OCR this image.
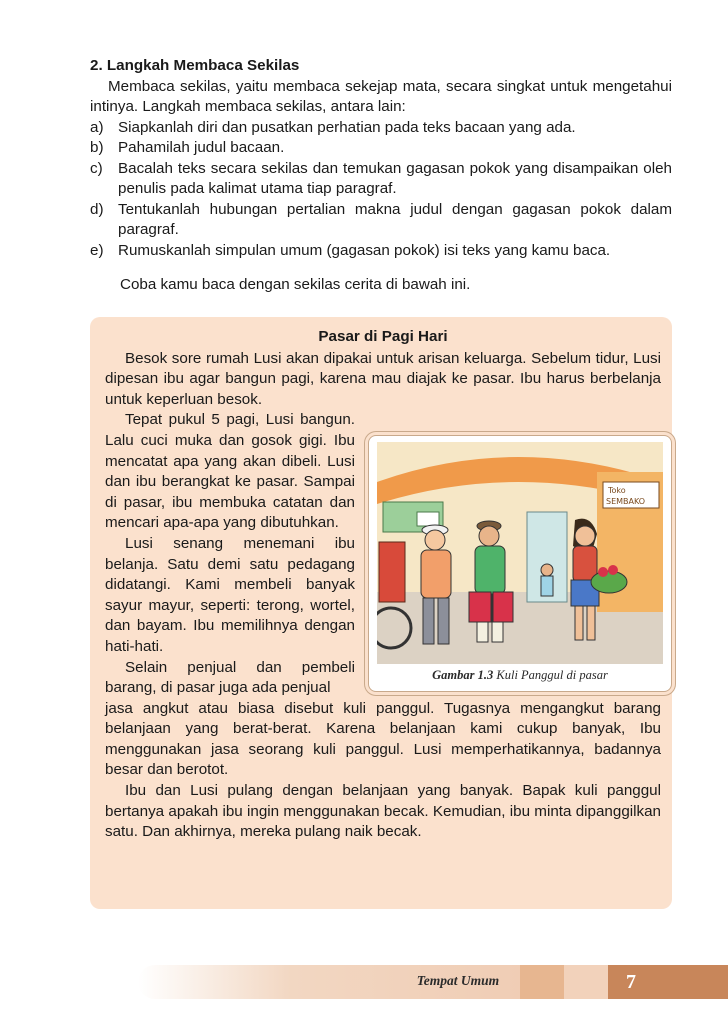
2. Langkah Membaca Sekilas

Membaca sekilas, yaitu membaca sekejap mata, secara singkat untuk mengetahui intinya. Langkah membaca sekilas, antara lain:

a) Siapkanlah diri dan pusatkan perhatian pada teks bacaan yang ada.
b) Pahamilah judul bacaan.
c)	Bacalah teks secara sekilas dan temukan gagasan pokok yang disampaikan oleh penulis pada kalimat utama tiap paragraf.
d) Tentukanlah hubungan pertalian makna judul dengan gagasan pokok dalam paragraf.
e) Rumuskanlah simpulan umum (gagasan pokok) isi teks yang kamu baca.

Coba kamu baca dengan sekilas cerita di bawah ini.

Pasar di Pagi Hari

Besok sore rumah Lusi akan dipakai untuk arisan keluarga. Sebelum tidur, Lusi dipesan ibu agar bangun pagi, karena mau diajak ke pasar. Ibu harus berbelanja untuk keperluan besok.

Tepat pukul 5 pagi, Lusi bangun. Lalu cuci muka dan gosok gigi. Ibu mencatat apa yang akan dibeli. Lusi dan ibu berangkat ke pasar. Sampai di pasar, ibu membuka catatan dan mencari apa-apa yang dibutuhkan.

Lusi senang menemani ibu belanja. Satu demi satu pedagang didatangi. Kami membeli banyak sayur mayur, seperti: terong, wortel, dan bayam. Ibu memilihnya dengan hati-hati.

Selain penjual dan pembeli barang, di pasar juga ada penjual

jasa angkut atau biasa disebut kuli panggul. Tugasnya mengangkut barang belanjaan yang berat-berat. Karena belanjaan kami cukup banyak, Ibu menggunakan jasa seorang kuli panggul. Lusi memperhatikannya, badannya besar dan berotot.

Ibu dan Lusi pulang dengan belanjaan yang banyak. Bapak kuli panggul bertanya apakah ibu ingin menggunakan becak. Kemudian, ibu minta dipanggilkan satu. Dan akhirnya, mereka pulang naik becak.

Toko
SEMBAKO
Gambar 1.3 Kuli Panggul di pasar
Tempat Umum	7
